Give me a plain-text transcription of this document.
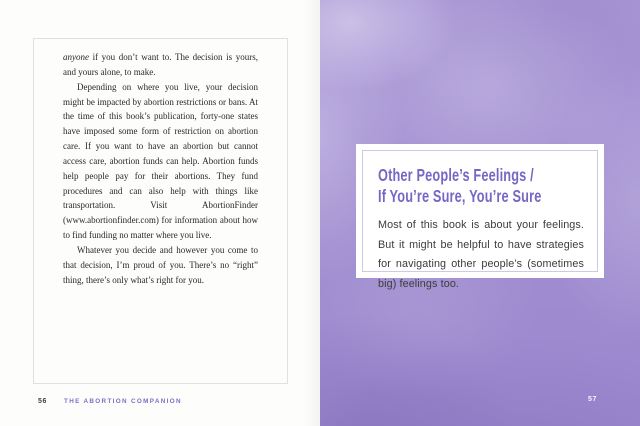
anyone if you don’t want to. The decision is yours, and yours alone, to make.

Depending on where you live, your decision might be impacted by abortion restrictions or bans. At the time of this book’s publication, forty-one states have imposed some form of restriction on abortion care. If you want to have an abortion but cannot access care, abortion funds can help. Abortion funds help people pay for their abortions. They fund procedures and can also help with things like transportation. Visit AbortionFinder (www.abortionfinder.com) for information about how to find funding no matter where you live.

Whatever you decide and however you come to that decision, I’m proud of you. There’s no “right” thing, there’s only what’s right for you.

56	THE ABORTION COMPANION
Other People’s Feelings /
If You’re Sure, You’re Sure

Most of this book is about your feelings. But it might be helpful to have strategies for navigating other people’s (sometimes big) feelings too.

57
